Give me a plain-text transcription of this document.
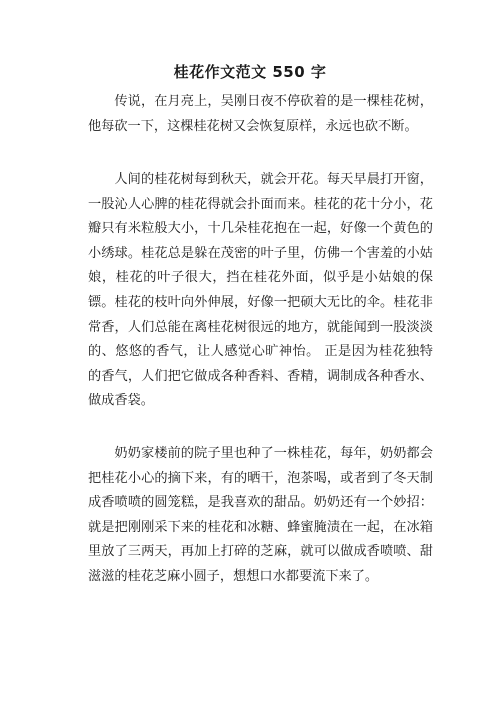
桂花作文范文 550 字

传说，在月亮上，吴刚日夜不停砍着的是一棵桂花树，他每砍一下，这棵桂花树又会恢复原样，永远也砍不断。

人间的桂花树每到秋天，就会开花。每天早晨打开窗，一股沁人心脾的桂花得就会扑面而来。桂花的花十分小，花瓣只有米粒般大小，十几朵桂花抱在一起，好像一个黄色的小绣球。桂花总是躲在茂密的叶子里，仿佛一个害羞的小姑娘，桂花的叶子很大，挡在桂花外面，似乎是小姑娘的保镖。桂花的枝叶向外伸展，好像一把硕大无比的伞。桂花非常香，人们总能在离桂花树很远的地方，就能闻到一股淡淡的、悠悠的香气，让人感觉心旷神怡。 正是因为桂花独特的香气，人们把它做成各种香料、香精，调制成各种香水、做成香袋。

奶奶家楼前的院子里也种了一株桂花，每年，奶奶都会把桂花小心的摘下来，有的晒干，泡茶喝，或者到了冬天制成香喷喷的圆笼糕，是我喜欢的甜品。奶奶还有一个妙招：就是把刚刚采下来的桂花和冰糖、蜂蜜腌渍在一起，在冰箱里放了三两天，再加上打碎的芝麻，就可以做成香喷喷、甜滋滋的桂花芝麻小圆子，想想口水都要流下来了。
